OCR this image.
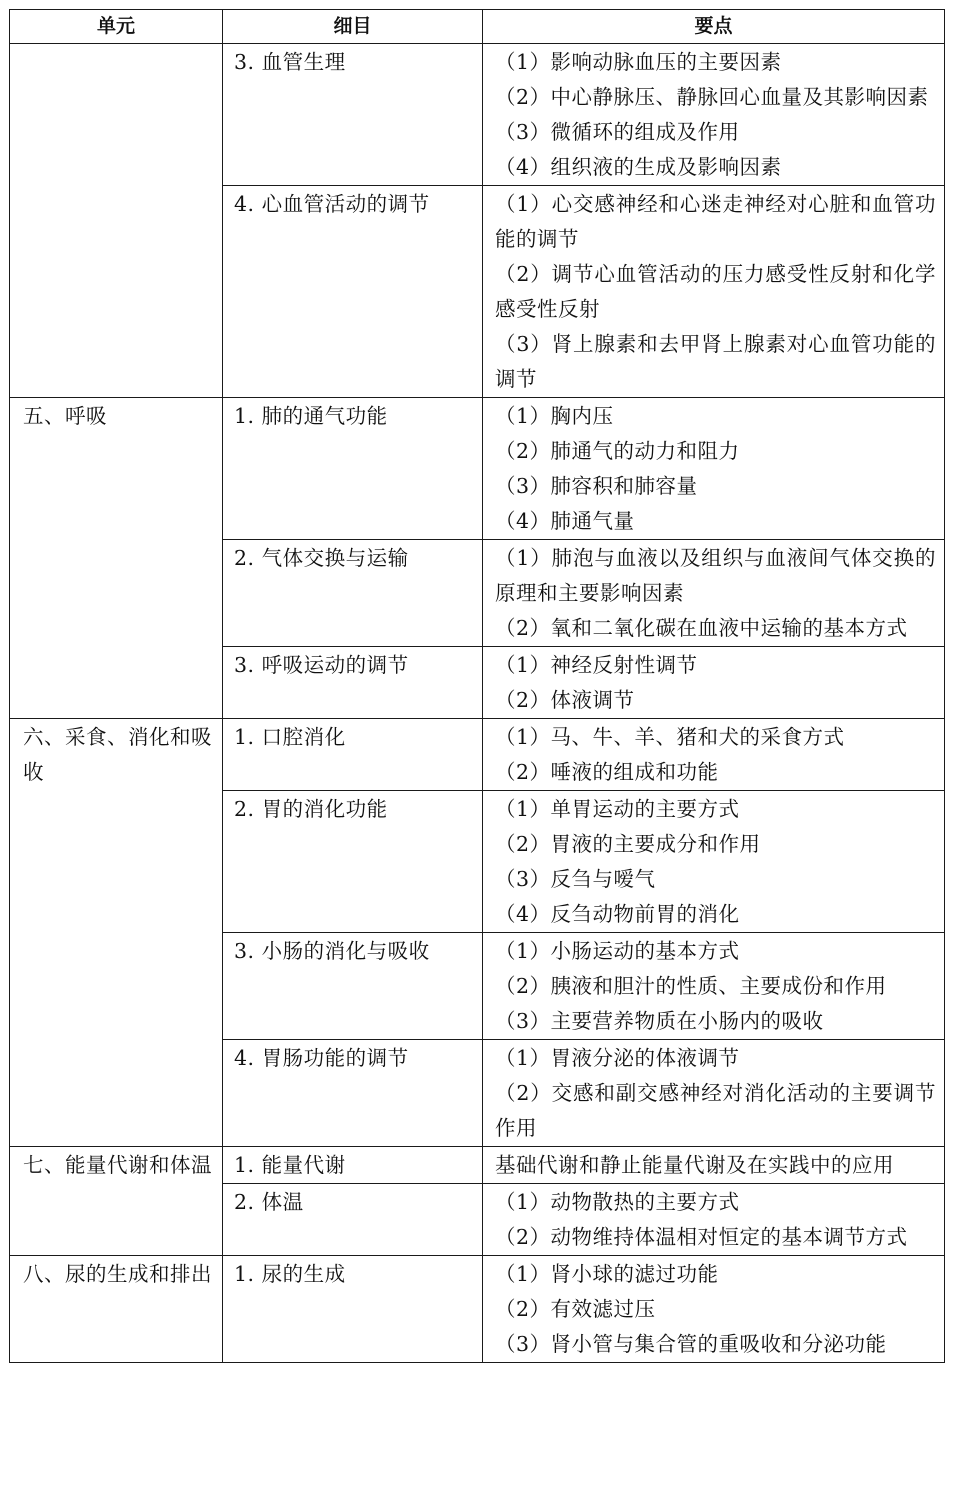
单元	细目	要点
	3. 血管生理	（1）影响动脉血压的主要因素
（2）中心静脉压、静脉回心血量及其影响因素
（3）微循环的组成及作用
（4）组织液的生成及影响因素

	4. 心血管活动的调节	（1）心交感神经和心迷走神经对心脏和血管功能的调节
（2）调节心血管活动的压力感受性反射和化学感受性反射
（3）肾上腺素和去甲肾上腺素对心血管功能的调节

五、呼吸	1. 肺的通气功能	（1）胸内压
（2）肺通气的动力和阻力
（3）肺容积和肺容量
（4）肺通气量

	2. 气体交换与运输	（1）肺泡与血液以及组织与血液间气体交换的原理和主要影响因素
（2）氧和二氧化碳在血液中运输的基本方式

	3. 呼吸运动的调节	（1）神经反射性调节
（2）体液调节

六、采食、消化和吸收	1. 口腔消化	（1）马、牛、羊、猪和犬的采食方式
（2）唾液的组成和功能

	2. 胃的消化功能	（1）单胃运动的主要方式
（2）胃液的主要成分和作用
（3）反刍与嗳气
（4）反刍动物前胃的消化

	3. 小肠的消化与吸收	（1）小肠运动的基本方式
（2）胰液和胆汁的性质、主要成份和作用
（3）主要营养物质在小肠内的吸收

	4. 胃肠功能的调节	（1）胃液分泌的体液调节
（2）交感和副交感神经对消化活动的主要调节作用

七、能量代谢和体温	1. 能量代谢	基础代谢和静止能量代谢及在实践中的应用

	2. 体温	（1）动物散热的主要方式
（2）动物维持体温相对恒定的基本调节方式

八、尿的生成和排出	1. 尿的生成	（1）肾小球的滤过功能
（2）有效滤过压
（3）肾小管与集合管的重吸收和分泌功能
